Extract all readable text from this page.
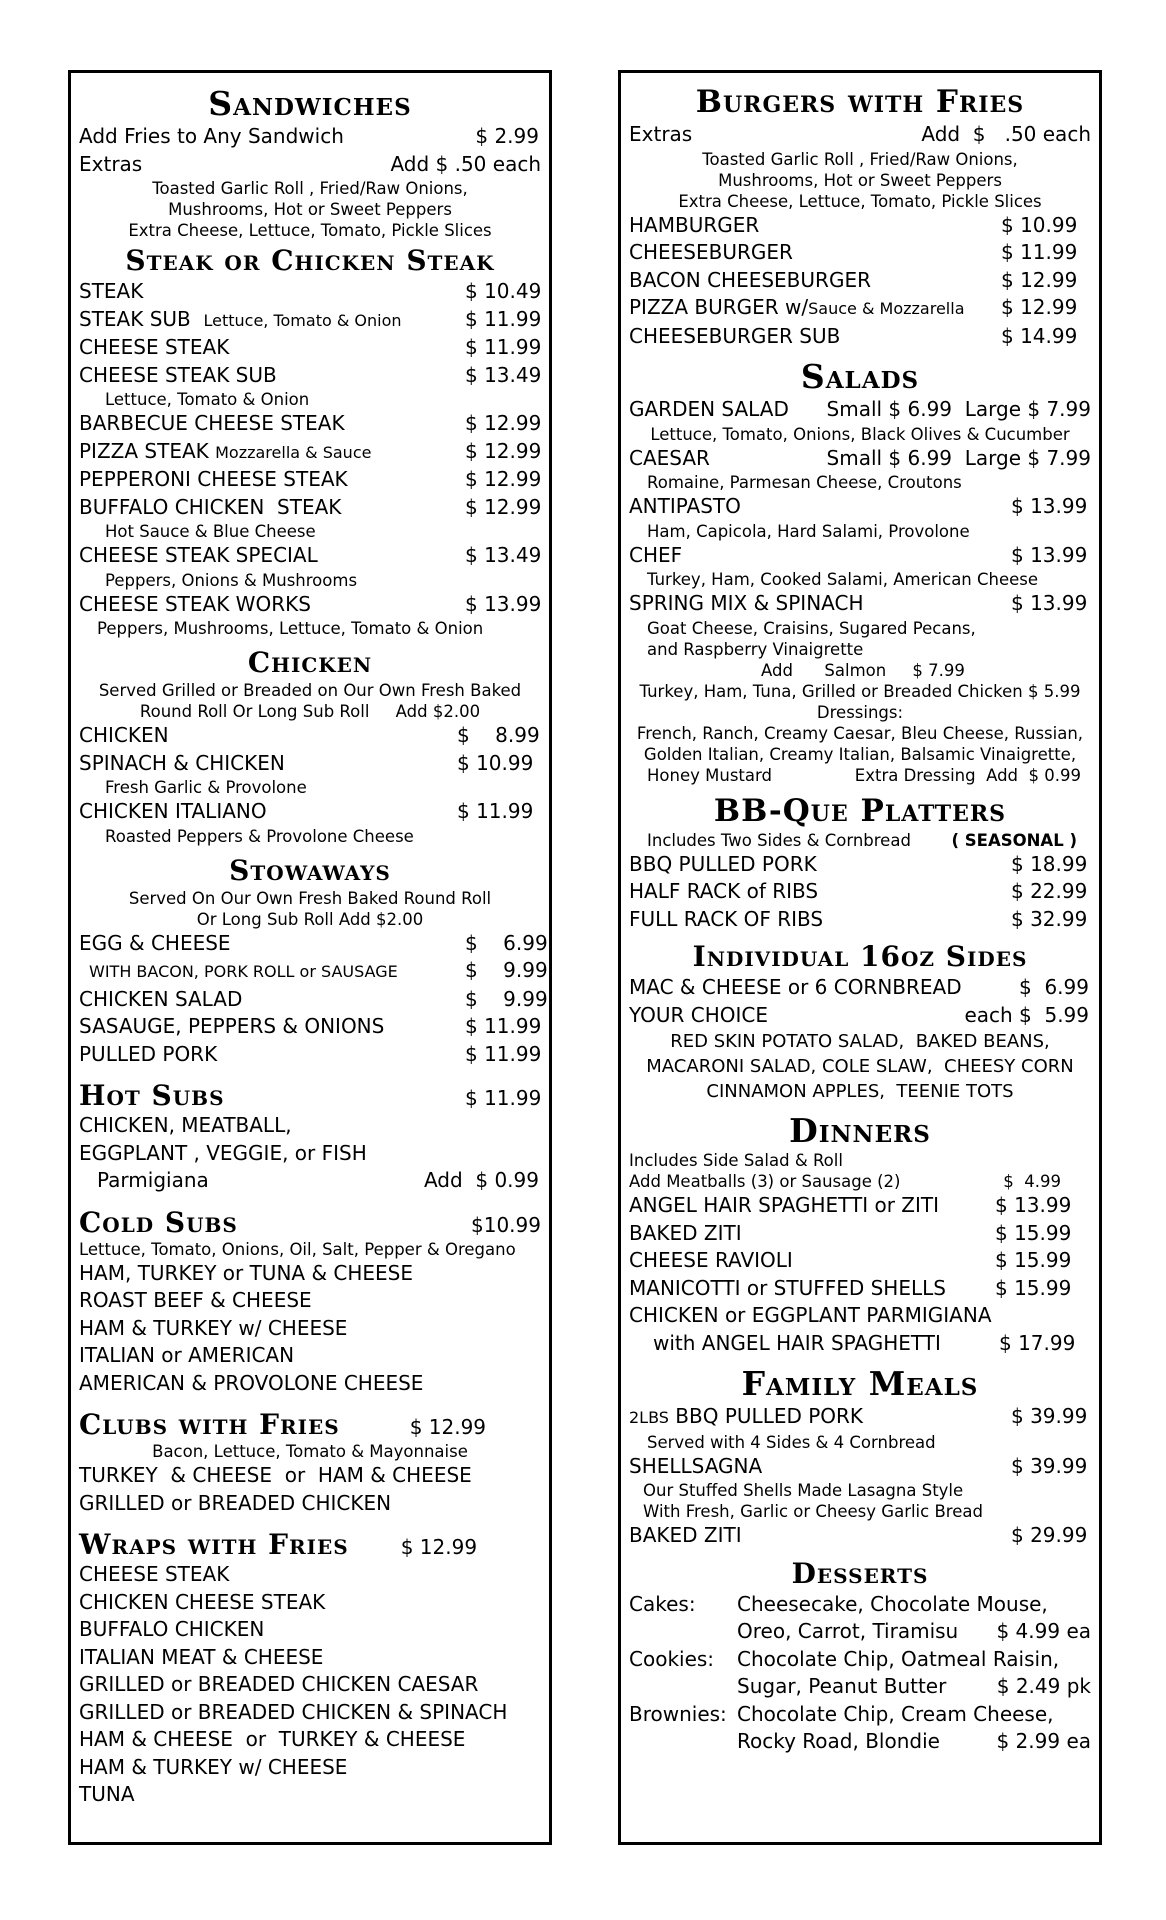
Sandwiches
Add Fries to Any Sandwich	$ 2.99
Extras	Add $ .50 each
Toasted Garlic Roll , Fried/Raw Onions,
Mushrooms, Hot or Sweet Peppers
Extra Cheese, Lettuce, Tomato, Pickle Slices
Steak or Chicken Steak
STEAK	$ 10.49
STEAK SUB Lettuce, Tomato & Onion	$ 11.99
CHEESE STEAK	$ 11.99
CHEESE STEAK SUB	$ 13.49
Lettuce, Tomato & Onion
BARBECUE CHEESE STEAK	$ 12.99
PIZZA STEAK Mozzarella & Sauce	$ 12.99
PEPPERONI CHEESE STEAK	$ 12.99
BUFFALO CHICKEN  STEAK	$ 12.99
Hot Sauce & Blue Cheese
CHEESE STEAK SPECIAL	$ 13.49
Peppers, Onions & Mushrooms
CHEESE STEAK WORKS	$ 13.99
Peppers, Mushrooms, Lettuce, Tomato & Onion
Chicken
Served Grilled or Breaded on Our Own Fresh Baked
Round Roll Or Long Sub Roll     Add $2.00
CHICKEN	$    8.99
SPINACH & CHICKEN	$ 10.99
Fresh Garlic & Provolone
CHICKEN ITALIANO	$ 11.99
Roasted Peppers & Provolone Cheese
Stowaways
Served On Our Own Fresh Baked Round Roll
Or Long Sub Roll Add $2.00
EGG & CHEESE	$    6.99
WITH BACON, PORK ROLL or SAUSAGE	$    9.99
CHICKEN SALAD	$    9.99
SASAUGE, PEPPERS & ONIONS	$ 11.99
PULLED PORK	$ 11.99
Hot Subs	$ 11.99
CHICKEN, MEATBALL,
EGGPLANT , VEGGIE, or FISH
Parmigiana	Add  $ 0.99
Cold Subs	$10.99
Lettuce, Tomato, Onions, Oil, Salt, Pepper & Oregano
HAM, TURKEY or TUNA & CHEESE
ROAST BEEF & CHEESE
HAM & TURKEY w/ CHEESE
ITALIAN or AMERICAN
AMERICAN & PROVOLONE CHEESE
Clubs with Fries	$ 12.99
Bacon, Lettuce, Tomato & Mayonnaise
TURKEY  & CHEESE  or  HAM & CHEESE
GRILLED or BREADED CHICKEN
Wraps with Fries	$ 12.99
CHEESE STEAK
CHICKEN CHEESE STEAK
BUFFALO CHICKEN
ITALIAN MEAT & CHEESE
GRILLED or BREADED CHICKEN CAESAR
GRILLED or BREADED CHICKEN & SPINACH
HAM & CHEESE  or  TURKEY & CHEESE
HAM & TURKEY w/ CHEESE
TUNA
Burgers with Fries
Extras	Add  $   .50 each
Toasted Garlic Roll , Fried/Raw Onions,
Mushrooms, Hot or Sweet Peppers
Extra Cheese, Lettuce, Tomato, Pickle Slices
HAMBURGER	$ 10.99
CHEESEBURGER	$ 11.99
BACON CHEESEBURGER	$ 12.99
PIZZA BURGER w/Sauce & Mozzarella $ 12.99
CHEESEBURGER SUB	$ 14.99
Salads
GARDEN SALAD Small $ 6.99  Large $ 7.99
Lettuce, Tomato, Onions, Black Olives & Cucumber
CAESAR	Small $ 6.99  Large $ 7.99
Romaine, Parmesan Cheese, Croutons
ANTIPASTO	$ 13.99
Ham, Capicola, Hard Salami, Provolone
CHEF	$ 13.99
Turkey, Ham, Cooked Salami, American Cheese
SPRING MIX & SPINACH	$ 13.99
Goat Cheese, Craisins, Sugared Pecans,
and Raspberry Vinaigrette
Add      Salmon     $ 7.99
Turkey, Ham, Tuna, Grilled or Breaded Chicken $ 5.99
Dressings:
French, Ranch, Creamy Caesar, Bleu Cheese, Russian,
Golden Italian, Creamy Italian, Balsamic Vinaigrette,
Honey Mustard	Extra Dressing  Add  $ 0.99
BB-Que Platters
Includes Two Sides & Cornbread ( SEASONAL )
BBQ PULLED PORK	$ 18.99
HALF RACK of RIBS	$ 22.99
FULL RACK OF RIBS	$ 32.99
Individual 16oz Sides
MAC & CHEESE or 6 CORNBREAD	$  6.99
YOUR CHOICE	each $  5.99
RED SKIN POTATO SALAD,  BAKED BEANS,
MACARONI SALAD, COLE SLAW,  CHEESY CORN
CINNAMON APPLES,  TEENIE TOTS
Dinners
Includes Side Salad & Roll
Add Meatballs (3) or Sausage (2)	$  4.99
ANGEL HAIR SPAGHETTI or ZITI	$ 13.99
BAKED ZITI	$ 15.99
CHEESE RAVIOLI	$ 15.99
MANICOTTI or STUFFED SHELLS $ 15.99
CHICKEN or EGGPLANT PARMIGIANA
with ANGEL HAIR SPAGHETTI	$ 17.99
Family Meals
2LBS BBQ PULLED PORK	$ 39.99
Served with 4 Sides & 4 Cornbread
SHELLSAGNA	$ 39.99
Our Stuffed Shells Made Lasagna Style
With Fresh, Garlic or Cheesy Garlic Bread
BAKED ZITI	$ 29.99
Desserts
Cakes:	Cheesecake, Chocolate Mouse,
Oreo, Carrot, Tiramisu $ 4.99 ea
Cookies:	Chocolate Chip, Oatmeal Raisin,
Sugar, Peanut Butter	$ 2.49 pk
Brownies: Chocolate Chip, Cream Cheese,
Rocky Road, Blondie	$ 2.99 ea
